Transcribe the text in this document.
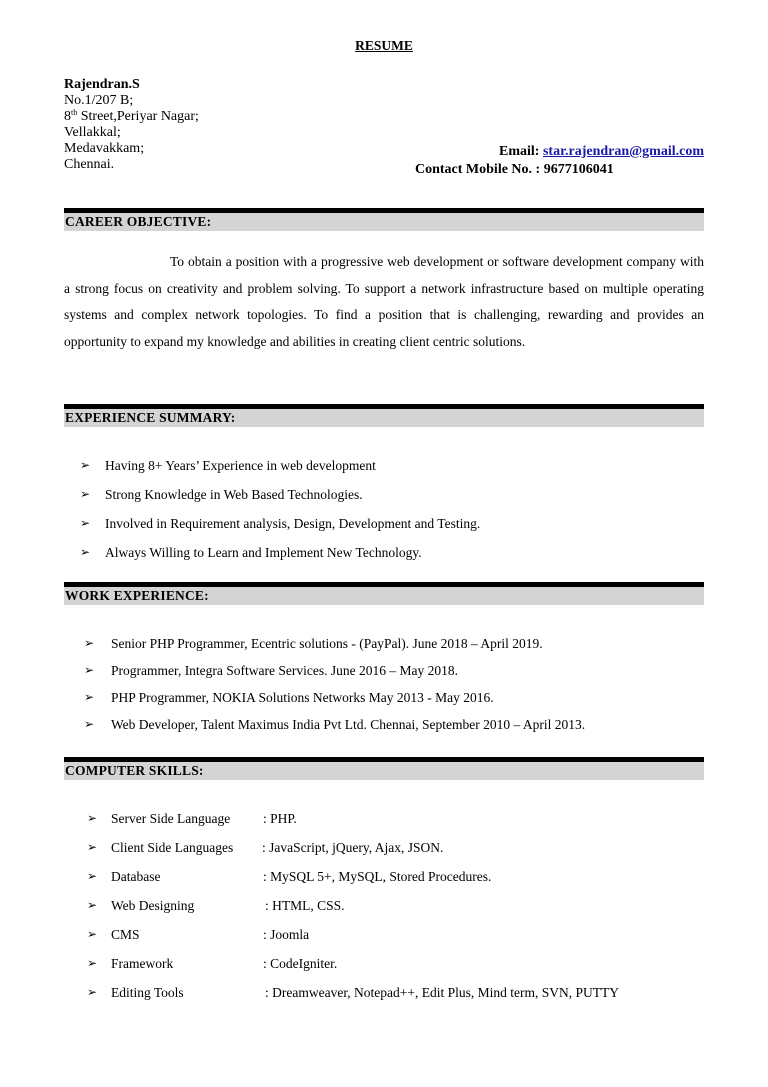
RESUME
Rajendran.S
No.1/207 B;
8th Street,Periyar Nagar;
Vellakkal;
Medavakkam;
Chennai.
Email: star.rajendran@gmail.com
Contact Mobile No. : 9677106041
CAREER OBJECTIVE:
To obtain a position with a progressive web development or software development company with a strong focus on creativity and problem solving. To support a network infrastructure based on multiple operating systems and complex network topologies. To find a position that is challenging, rewarding and provides an opportunity to expand my knowledge and abilities in creating client centric solutions.
EXPERIENCE SUMMARY:
➢ Having 8+ Years’ Experience in web development
➢ Strong Knowledge in Web Based Technologies.
➢ Involved in Requirement analysis, Design, Development and Testing.
➢ Always Willing to Learn and Implement New Technology.
WORK EXPERIENCE:
➢ Senior PHP Programmer, Ecentric solutions - (PayPal). June 2018 – April 2019.
➢ Programmer, Integra Software Services. June 2016 – May 2018.
➢ PHP Programmer, NOKIA Solutions Networks May 2013 - May 2016.
➢ Web Developer, Talent Maximus India Pvt Ltd. Chennai, September 2010 – April 2013.
COMPUTER SKILLS:
➢ Server Side Language : PHP.
➢ Client Side Languages : JavaScript, jQuery, Ajax, JSON.
➢ Database	: MySQL 5+, MySQL, Stored Procedures.
➢ Web Designing	: HTML, CSS.
➢ CMS	: Joomla
➢ Framework	: CodeIgniter.
➢ Editing Tools	: Dreamweaver, Notepad++, Edit Plus, Mind term, SVN, PUTTY
